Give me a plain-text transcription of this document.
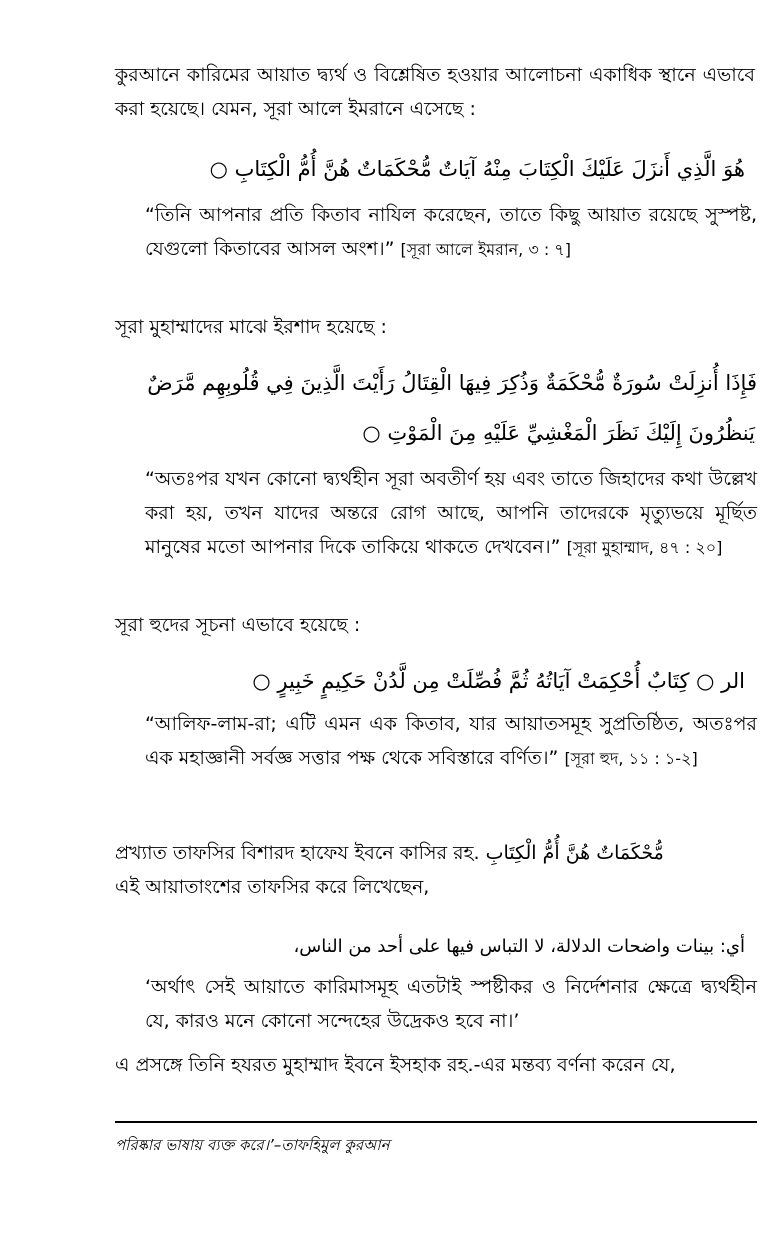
কুরআনে কারিমের আয়াত দ্ব্যর্থ ও বিশ্লেষিত হওয়ার আলোচনা একাধিক স্থানে এভাবে করা হয়েছে। যেমন, সূরা আলে ইমরানে এসেছে :

هُوَ الَّذِي أَنزَلَ عَلَيْكَ الْكِتَابَ مِنْهُ آيَاتٌ مُّحْكَمَاتٌ هُنَّ أُمُّ الْكِتَابِ ○

“তিনি আপনার প্রতি কিতাব নাযিল করেছেন, তাতে কিছু আয়াত রয়েছে সুস্পষ্ট, যেগুলো কিতাবের আসল অংশ।” [সূরা আলে ইমরান, ৩ : ৭]

সূরা মুহাম্মাদের মাঝে ইরশাদ হয়েছে :

فَإِذَا أُنزِلَتْ سُورَةٌ مُّحْكَمَةٌ وَذُكِرَ فِيهَا الْقِتَالُ رَأَيْتَ الَّذِينَ فِي قُلُوبِهِم مَّرَضٌ

يَنظُرُونَ إِلَيْكَ نَظَرَ الْمَغْشِيِّ عَلَيْهِ مِنَ الْمَوْتِ ○

“অতঃপর যখন কোনো দ্ব্যর্থহীন সূরা অবতীর্ণ হয় এবং তাতে জিহাদের কথা উল্লেখ করা হয়, তখন যাদের অন্তরে রোগ আছে, আপনি তাদেরকে মৃত্যুভয়ে মূর্ছিত মানুষের মতো আপনার দিকে তাকিয়ে থাকতে দেখবেন।” [সূরা মুহাম্মাদ, ৪৭ : ২০]

সূরা হুদের সূচনা এভাবে হয়েছে :

الر ○ كِتَابٌ أُحْكِمَتْ آيَاتُهُ ثُمَّ فُصِّلَتْ مِن لَّدُنْ حَكِيمٍ خَبِيرٍ ○

“আলিফ-লাম-রা; এটি এমন এক কিতাব, যার আয়াতসমূহ সুপ্রতিষ্ঠিত, অতঃপর এক মহাজ্ঞানী সর্বজ্ঞ সত্তার পক্ষ থেকে সবিস্তারে বর্ণিত।” [সূরা হুদ, ১১ : ১-২]

প্রখ্যাত তাফসির বিশারদ হাফেয ইবনে কাসির রহ. مُّحْكَمَاتٌ هُنَّ أُمُّ الْكِتَابِ
এই আয়াতাংশের তাফসির করে লিখেছেন,

أي: بينات واضحات الدلالة، لا التباس فيها على أحد من الناس،

‘অর্থাৎ সেই আয়াতে কারিমাসমূহ এতটাই স্পষ্টীকর ও নির্দেশনার ক্ষেত্রে দ্ব্যর্থহীন যে, কারও মনে কোনো সন্দেহের উদ্রেকও হবে না।’

এ প্রসঙ্গে তিনি হযরত মুহাম্মাদ ইবনে ইসহাক রহ.-এর মন্তব্য বর্ণনা করেন যে,

পরিষ্কার ভাষায় ব্যক্ত করে।’–তাফহিমুল কুরআন
